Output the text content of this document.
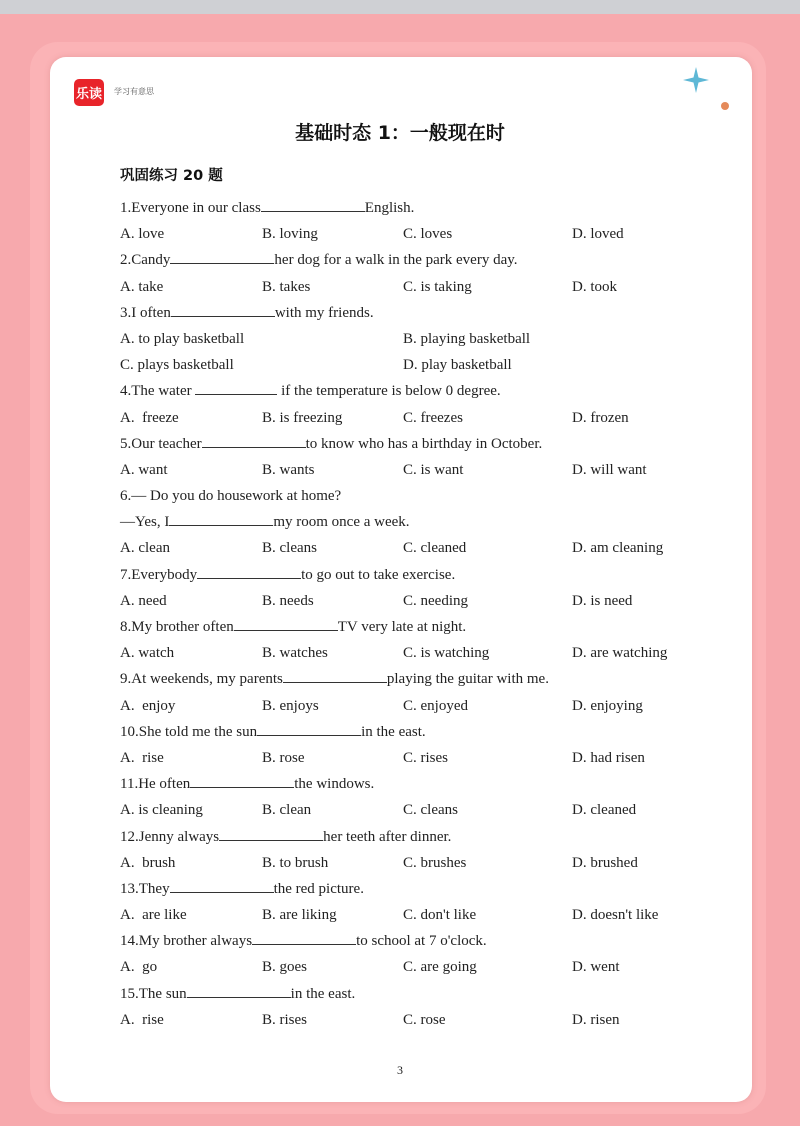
乐读 学习有意思
基础时态 1：一般现在时
巩固练习 20 题
1.Everyone in our class	English.
A. love	B. loving	C. loves	D. loved
2.Candy	her dog for a walk in the park every day.
A. take	B. takes	C. is taking	D. took
3.I often	with my friends.
A. to play basketball	B. playing basketball
C. plays basketball	D. play basketball
4.The water	if the temperature is below 0 degree.
A.  freeze	B. is freezing	C. freezes	D. frozen
5.Our teacher	to know who has a birthday in October.
A. want	B. wants	C. is want	D. will want
6.— Do you do housework at home?
—Yes, I	my room once a week.
A. clean	B. cleans	C. cleaned	D. am cleaning
7.Everybody	to go out to take exercise.
A. need	B. needs	C. needing	D. is need
8.My brother often	TV very late at night.
A. watch	B. watches	C. is watching	D. are watching
9.At weekends, my parents	playing the guitar with me.
A.  enjoy	B. enjoys	C. enjoyed	D. enjoying
10.She told me the sun	in the east.
A.  rise	B. rose	C. rises	D. had risen
11.He often	the windows.
A. is cleaning	B. clean	C. cleans	D. cleaned
12.Jenny always	her teeth after dinner.
A.  brush	B. to brush	C. brushes	D. brushed
13.They	the red picture.
A.  are like	B. are liking	C. don't like	D. doesn't like
14.My brother always	to school at 7 o'clock.
A.  go	B. goes	C. are going	D. went
15.The sun	in the east.
A.  rise	B. rises	C. rose	D. risen
3
